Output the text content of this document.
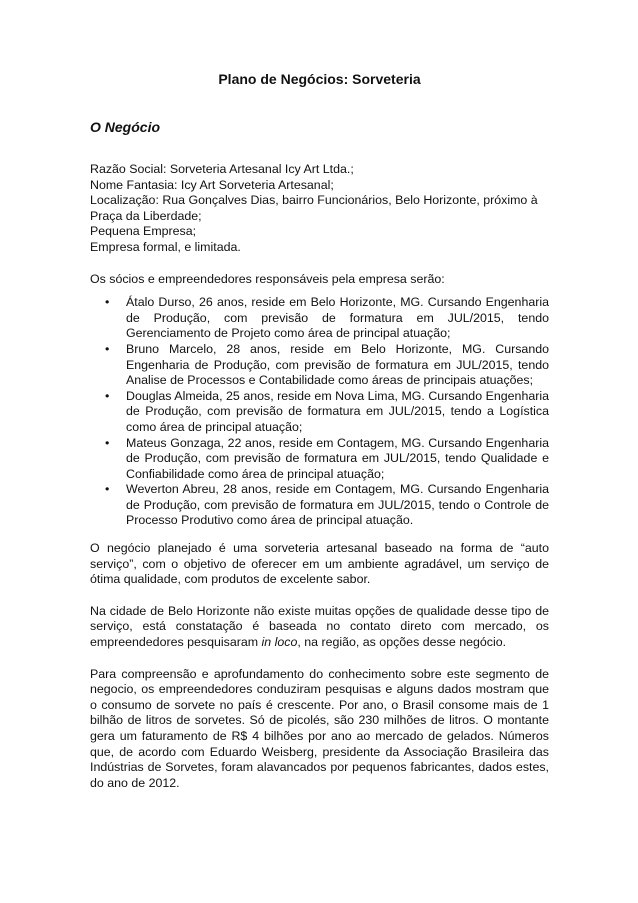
Plano de Negócios: Sorveteria
O Negócio

Razão Social: Sorveteria Artesanal Icy Art Ltda.;

Nome Fantasia: Icy Art Sorveteria Artesanal;

Localização: Rua Gonçalves Dias, bairro Funcionários, Belo Horizonte, próximo à Praça da Liberdade;

Pequena Empresa;

Empresa formal, e limitada.

Os sócios e empreendedores responsáveis pela empresa serão:

• Átalo Durso, 26 anos, reside em Belo Horizonte, MG. Cursando Engenharia de Produção, com previsão de formatura em JUL/2015, tendo Gerenciamento de Projeto como área de principal atuação;
• Bruno Marcelo, 28 anos, reside em Belo Horizonte, MG. Cursando Engenharia de Produção, com previsão de formatura em JUL/2015, tendo Analise de Processos e Contabilidade como áreas de principais atuações;
• Douglas Almeida, 25 anos, reside em Nova Lima, MG. Cursando Engenharia de Produção, com previsão de formatura em JUL/2015, tendo a Logística como área de principal atuação;
• Mateus Gonzaga, 22 anos, reside em Contagem, MG. Cursando Engenharia de Produção, com previsão de formatura em JUL/2015, tendo Qualidade e Confiabilidade como área de principal atuação;
• Weverton Abreu, 28 anos, reside em Contagem, MG. Cursando Engenharia de Produção, com previsão de formatura em JUL/2015, tendo o Controle de Processo Produtivo como área de principal atuação.

O negócio planejado é uma sorveteria artesanal baseado na forma de “auto serviço”, com o objetivo de oferecer em um ambiente agradável, um serviço de ótima qualidade, com produtos de excelente sabor.

Na cidade de Belo Horizonte não existe muitas opções de qualidade desse tipo de serviço, está constatação é baseada no contato direto com mercado, os empreendedores pesquisaram in loco, na região, as opções desse negócio.

Para compreensão e aprofundamento do conhecimento sobre este segmento de negocio, os empreendedores conduziram pesquisas e alguns dados mostram que o consumo de sorvete no país é crescente. Por ano, o Brasil consome mais de 1 bilhão de litros de sorvetes. Só de picolés, são 230 milhões de litros. O montante gera um faturamento de R$ 4 bilhões por ano ao mercado de gelados. Números que, de acordo com Eduardo Weisberg, presidente da Associação Brasileira das Indústrias de Sorvetes, foram alavancados por pequenos fabricantes, dados estes, do ano de 2012.
